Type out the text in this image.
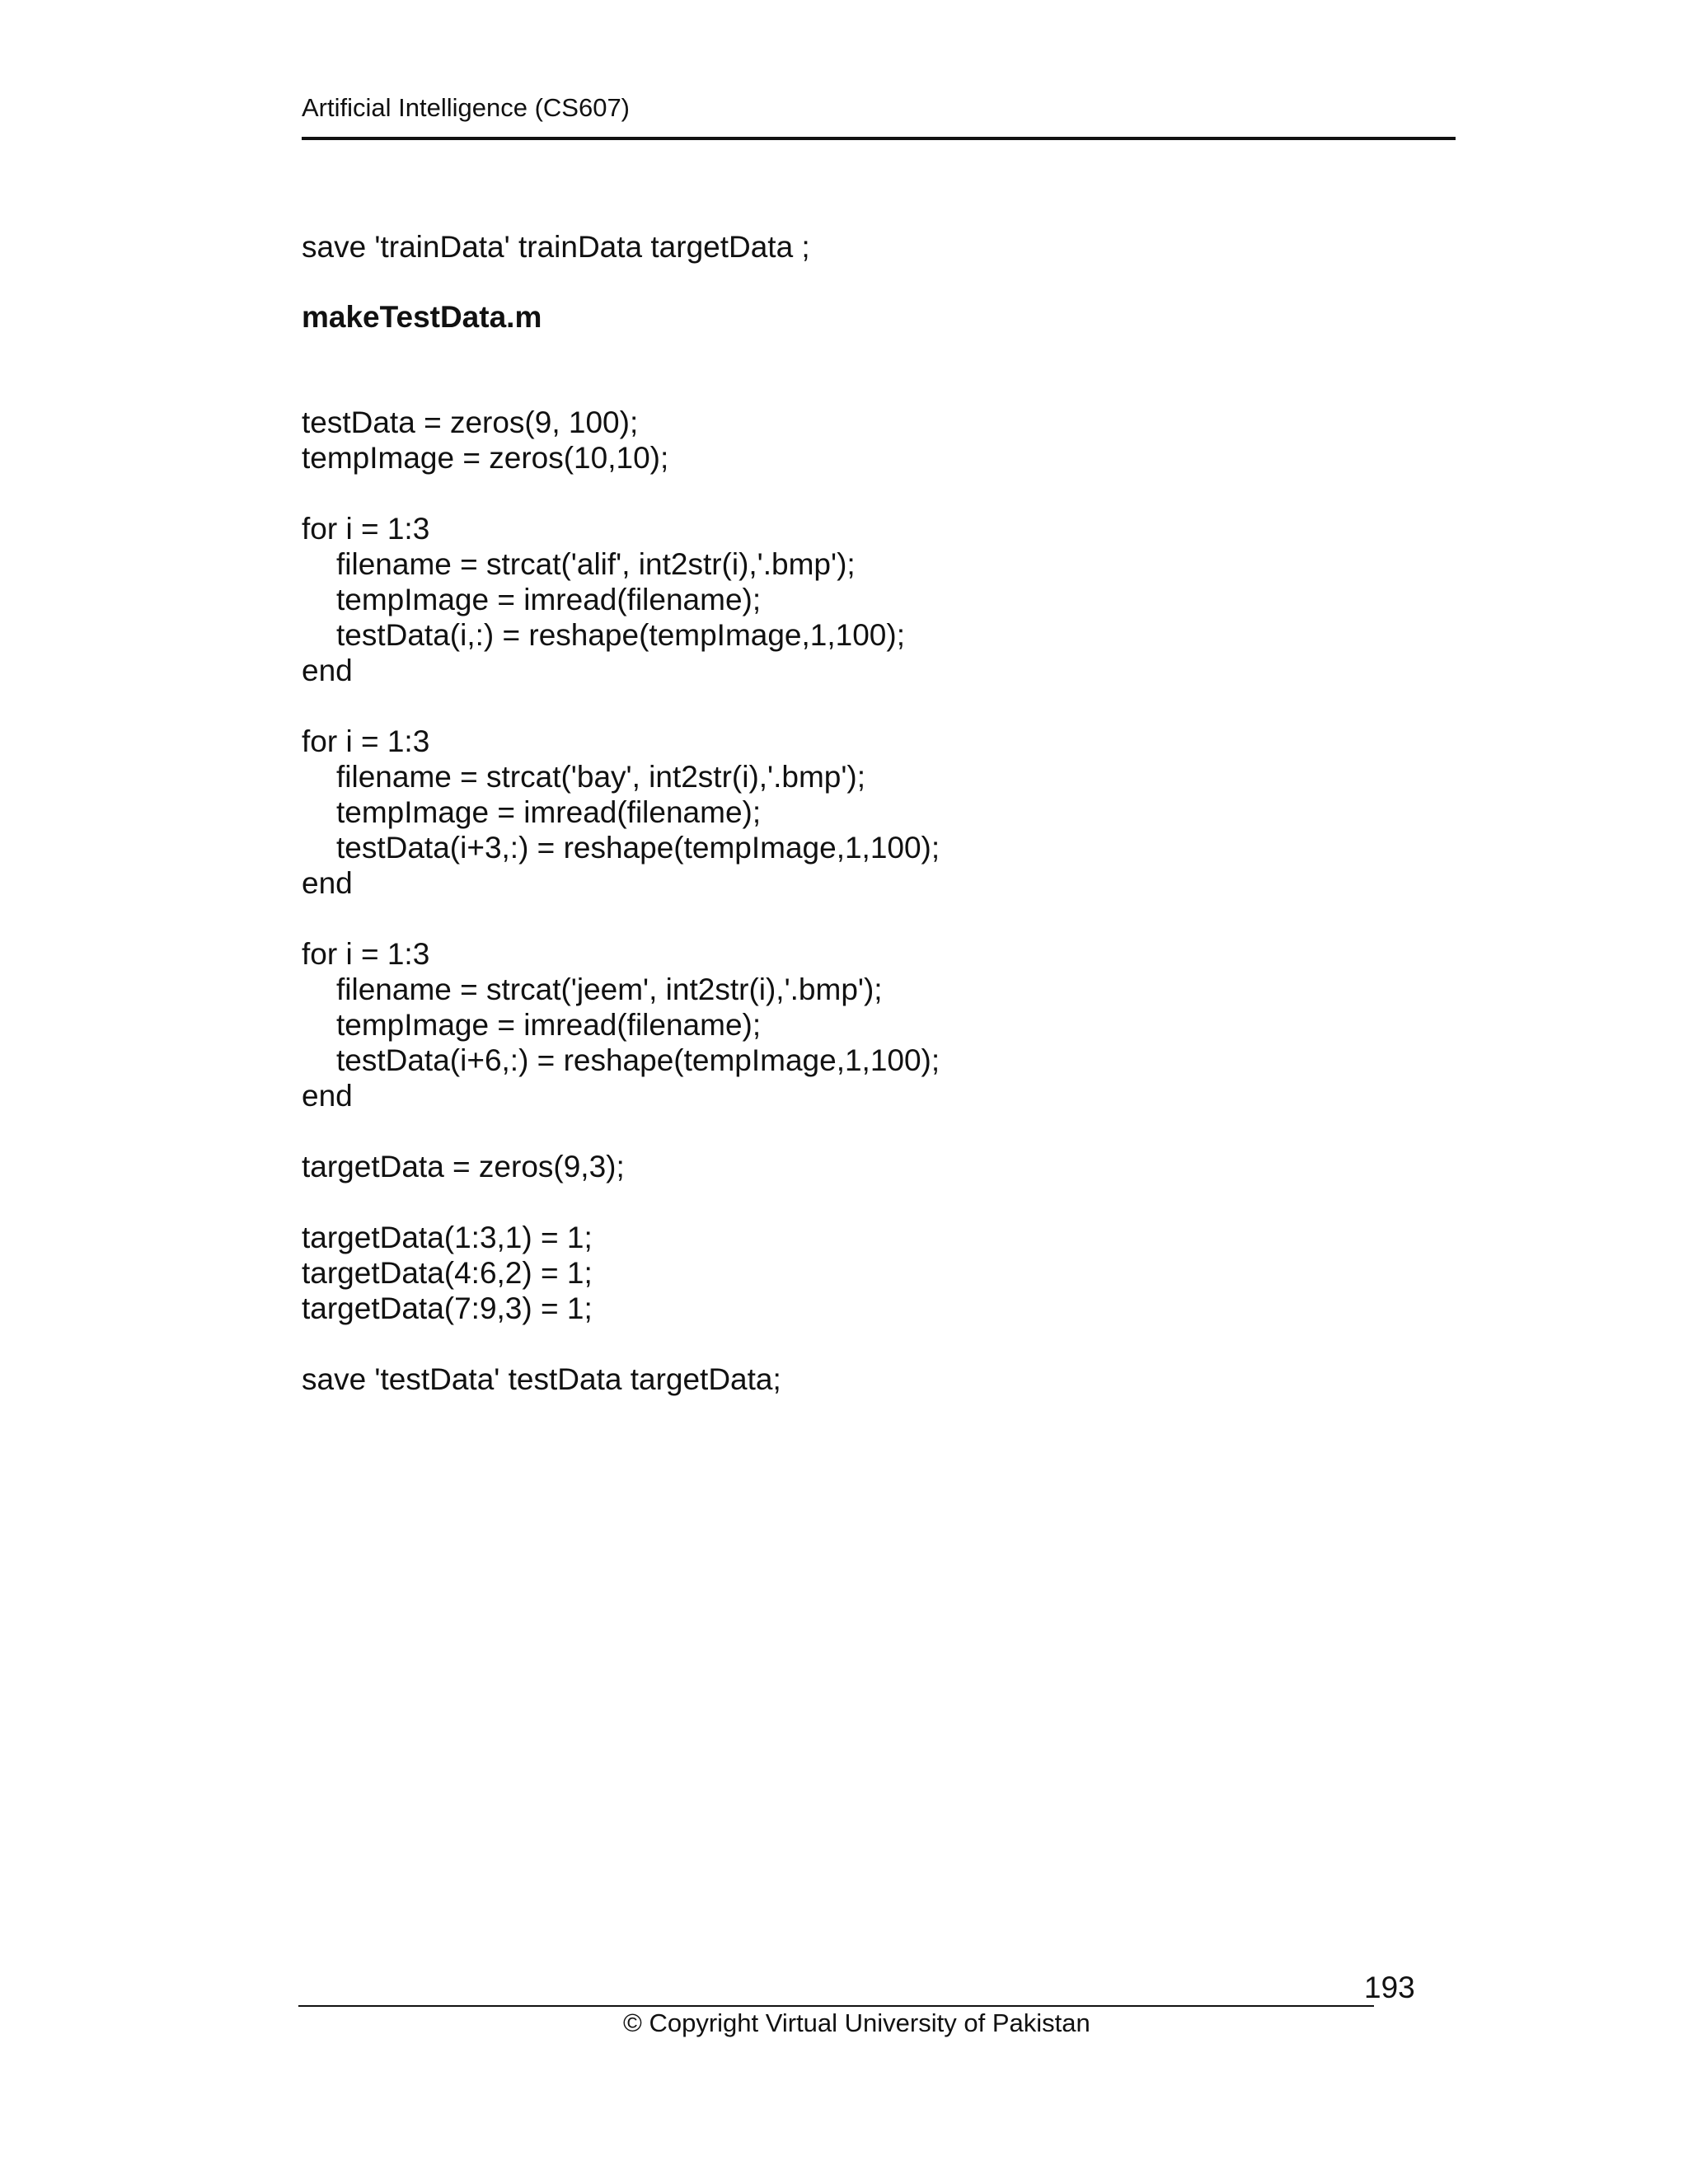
Artificial Intelligence (CS607)
save 'trainData' trainData targetData ;
makeTestData.m
testData = zeros(9, 100);
tempImage = zeros(10,10);
for i = 1:3
filename = strcat('alif', int2str(i),'.bmp');
tempImage = imread(filename);
testData(i,:) = reshape(tempImage,1,100);
end
for i = 1:3
filename = strcat('bay', int2str(i),'.bmp');
tempImage = imread(filename);
testData(i+3,:) = reshape(tempImage,1,100);
end
for i = 1:3
filename = strcat('jeem', int2str(i),'.bmp');
tempImage = imread(filename);
testData(i+6,:) = reshape(tempImage,1,100);
end
targetData = zeros(9,3);
targetData(1:3,1) = 1;
targetData(4:6,2) = 1;
targetData(7:9,3) = 1;
save 'testData' testData targetData;
193
© Copyright Virtual University of Pakistan
